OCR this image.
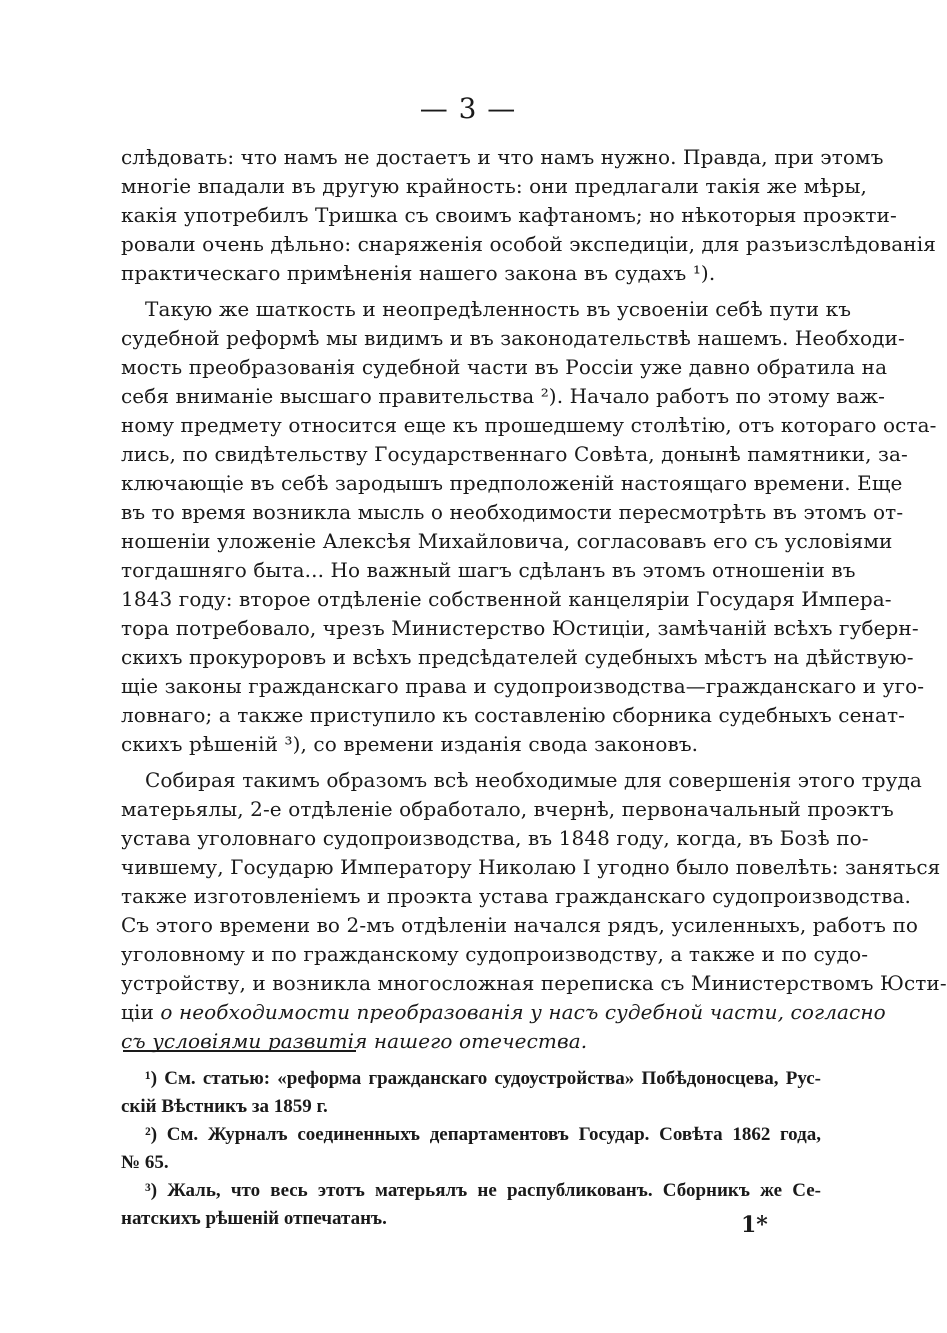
— 3 —
слѣдовать: что намъ не достаетъ и что намъ нужно. Правда, при этомъ
многіе впадали въ другую крайность: они предлагали такія же мѣры,
какія употребилъ Тришка съ своимъ кафтаномъ; но нѣкоторыя проэкти-
ровали очень дѣльно: снаряженія особой экспедиціи, для разъизслѣдованія
практическаго примѣненія нашего закона въ судахъ ¹).
Такую же шаткость и неопредѣленность въ усвоеніи себѣ пути къ
судебной реформѣ мы видимъ и въ законодательствѣ нашемъ. Необходи-
мость преобразованія судебной части въ Россіи уже давно обратила на
себя вниманіе высшаго правительства ²). Начало работъ по этому важ-
ному предмету относится еще къ прошедшему столѣтію, отъ котораго оста-
лись, по свидѣтельству Государственнаго Совѣта, донынѣ памятники, за-
ключающіе въ себѣ зародышъ предположеній настоящаго времени. Еще
въ то время возникла мысль о необходимости пересмотрѣть въ этомъ от-
ношеніи уложеніе Алексѣя Михайловича, согласовавъ его съ условіями
тогдашняго быта... Но важный шагъ сдѣланъ въ этомъ отношеніи въ
1843 году: второе отдѣленіе собственной канцеляріи Государя Импера-
тора потребовало, чрезъ Министерство Юстиціи, замѣчаній всѣхъ губерн-
скихъ прокуроровъ и всѣхъ предсѣдателей судебныхъ мѣстъ на дѣйствую-
щіе законы гражданскаго права и судопроизводства—гражданскаго и уго-
ловнаго; а также приступило къ составленію сборника судебныхъ сенат-
скихъ рѣшеній ³), со времени изданія свода законовъ.
Собирая такимъ образомъ всѣ необходимые для совершенія этого труда
матерьялы, 2-е отдѣленіе обработало, вчернѣ, первоначальный проэктъ
устава уголовнаго судопроизводства, въ 1848 году, когда, въ Бозѣ по-
чившему, Государю Императору Николаю I угодно было повелѣть: заняться
также изготовленіемъ и проэкта устава гражданскаго судопроизводства.
Съ этого времени во 2-мъ отдѣленіи начался рядъ, усиленныхъ, работъ по
уголовному и по гражданскому судопроизводству, а также и по судо-
устройству, и возникла многосложная переписка съ Министерствомъ Юсти-
ціи о необходимости преобразованія у насъ судебной части, согласно
съ условіями развитія нашего отечества.
¹) См. статью: «реформа гражданскаго судоустройства» Побѣдоносцева, Рус-
скій Вѣстникъ за 1859 г.
²) См. Журналъ соединенныхъ департаментовъ Государ. Совѣта 1862 года,
№ 65.
³) Жаль, что весь этотъ матерьялъ не распубликованъ. Сборникъ же Се-
натскихъ рѣшеній отпечатанъ.	1*
